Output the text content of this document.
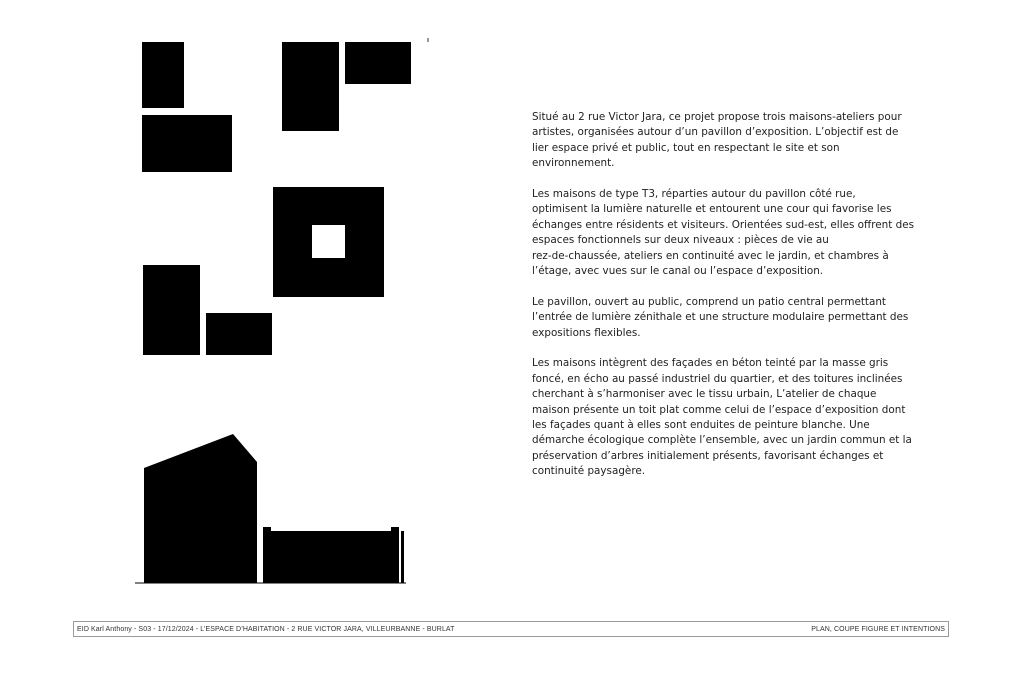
Situé au 2 rue Victor Jara, ce projet propose trois maisons-ateliers pour
artistes, organisées autour d’un pavillon d’exposition. L’objectif est de
lier espace privé et public, tout en respectant le site et son
environnement.

Les maisons de type T3, réparties autour du pavillon côté rue,
optimisent la lumière naturelle et entourent une cour qui favorise les
échanges entre résidents et visiteurs. Orientées sud-est, elles offrent des
espaces fonctionnels sur deux niveaux : pièces de vie au
rez-de-chaussée, ateliers en continuité avec le jardin, et chambres à
l’étage, avec vues sur le canal ou l’espace d’exposition.

Le pavillon, ouvert au public, comprend un patio central permettant
l’entrée de lumière zénithale et une structure modulaire permettant des
expositions flexibles.

Les maisons intègrent des façades en béton teinté par la masse gris
foncé, en écho au passé industriel du quartier, et des toitures inclinées
cherchant à s’harmoniser avec le tissu urbain, L’atelier de chaque
maison présente un toit plat comme celui de l’espace d’exposition dont
les façades quant à elles sont enduites de peinture blanche. Une
démarche écologique complète l’ensemble, avec un jardin commun et la
préservation d’arbres initialement présents, favorisant échanges et
continuité paysagère.

EID Karl Anthony - S03 - 17/12/2024 - L’ESPACE D’HABITATION - 2 RUE VICTOR JARA, VILLEURBANNE - BURLAT	PLAN, COUPE FIGURE ET INTENTIONS
